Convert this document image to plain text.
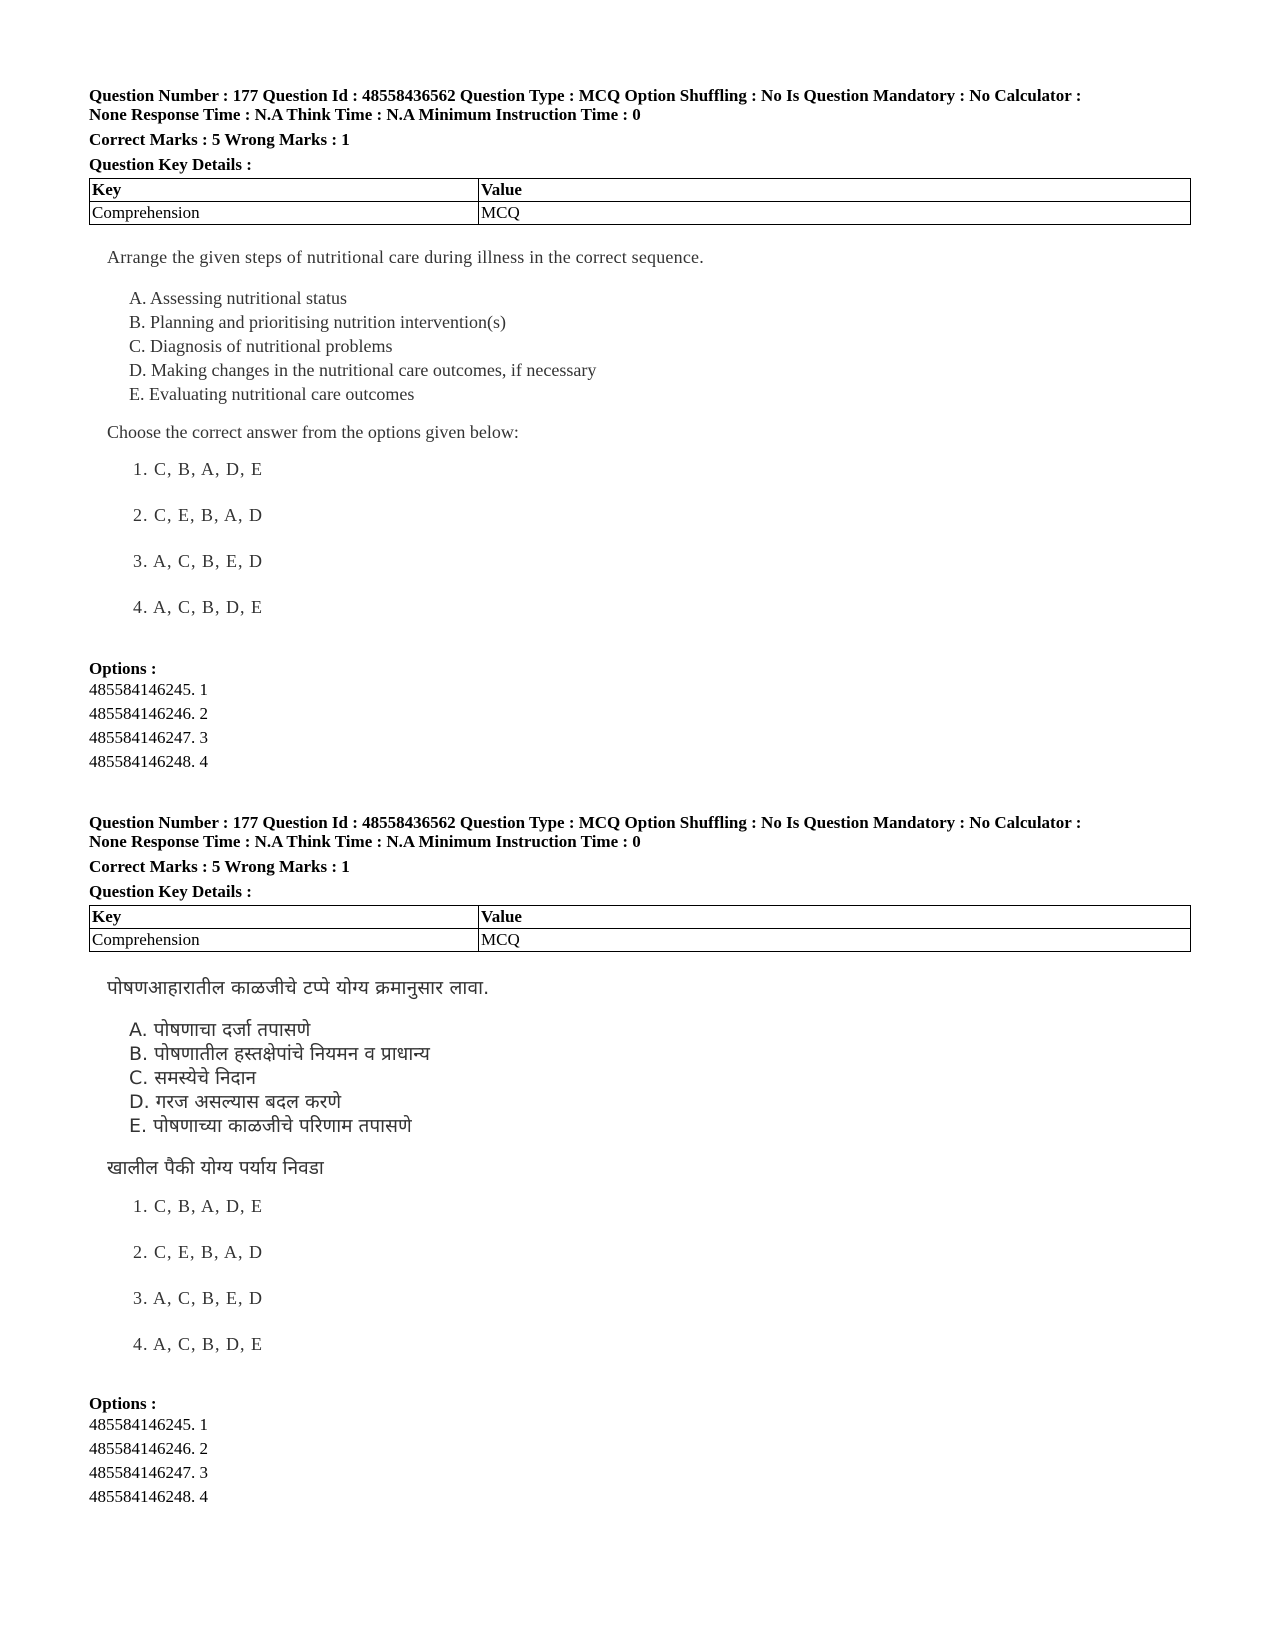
Question Number : 177 Question Id : 48558436562 Question Type : MCQ Option Shuffling : No Is Question Mandatory : No Calculator :

None Response Time : N.A Think Time : N.A Minimum Instruction Time : 0

Correct Marks : 5 Wrong Marks : 1
Question Key Details :
Key	Value
Comprehension	MCQ
Arrange the given steps of nutritional care during illness in the correct sequence.
A. Assessing nutritional status
B. Planning and prioritising nutrition intervention(s)
C. Diagnosis of nutritional problems
D. Making changes in the nutritional care outcomes, if necessary
E. Evaluating nutritional care outcomes
Choose the correct answer from the options given below:
1. C, B, A, D, E
2. C, E, B, A, D
3. A, C, B, E, D
4. A, C, B, D, E
Options :
485584146245. 1
485584146246. 2
485584146247. 3
485584146248. 4

Question Number : 177 Question Id : 48558436562 Question Type : MCQ Option Shuffling : No Is Question Mandatory : No Calculator :

None Response Time : N.A Think Time : N.A Minimum Instruction Time : 0

Correct Marks : 5 Wrong Marks : 1
Question Key Details :
Key	Value
Comprehension	MCQ
पोषणआहारातील काळजीचे टप्पे योग्य क्रमानुसार लावा.
A. पोषणाचा दर्जा तपासणे
B. पोषणातील हस्तक्षेपांचे नियमन व प्राधान्य
C. समस्येचे निदान
D. गरज असल्यास बदल करणे
E. पोषणाच्या काळजीचे परिणाम तपासणे
खालील पैकी योग्य पर्याय निवडा
1. C, B, A, D, E
2. C, E, B, A, D
3. A, C, B, E, D
4. A, C, B, D, E
Options :
485584146245. 1
485584146246. 2
485584146247. 3
485584146248. 4
